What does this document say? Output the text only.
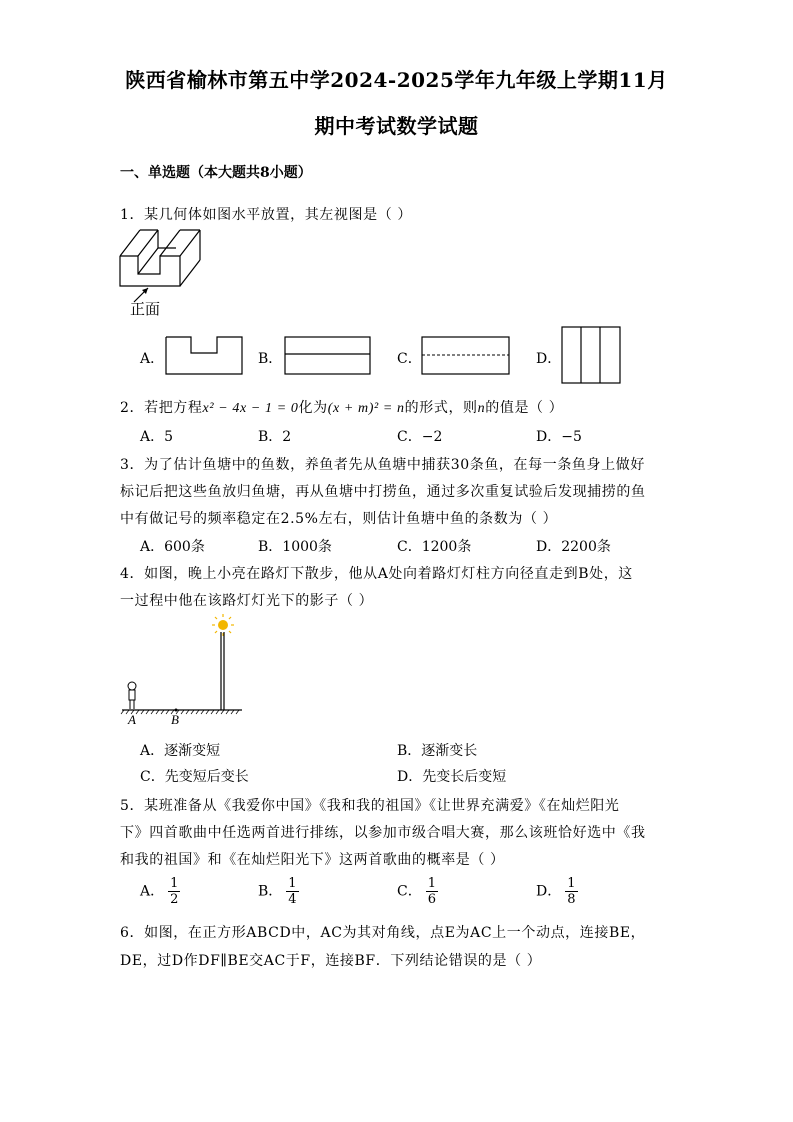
陕西省榆林市第五中学2024-2025学年九年级上学期11月
期中考试数学试题
一、单选题（本大题共8小题）
1．某几何体如图水平放置，其左视图是（ ）
正面
A．	B．	C．	D．
2．若把方程x² − 4x − 1 = 0化为(x + m)² = n的形式，则n的值是（ ）
A．5	B．2	C．−2	D．−5
3．为了估计鱼塘中的鱼数，养鱼者先从鱼塘中捕获30条鱼，在每一条鱼身上做好
标记后把这些鱼放归鱼塘，再从鱼塘中打捞鱼，通过多次重复试验后发现捕捞的鱼
中有做记号的频率稳定在2.5%左右，则估计鱼塘中鱼的条数为（ ）
A．600条	B．1000条	C．1200条	D．2200条
4．如图，晚上小亮在路灯下散步，他从A处向着路灯灯柱方向径直走到B处，这
一过程中他在该路灯灯光下的影子（ ）
A	B
A．逐渐变短	B．逐渐变长
C．先变短后变长	D．先变长后变短
5．某班准备从《我爱你中国》《我和我的祖国》《让世界充满爱》《在灿烂阳光
下》四首歌曲中任选两首进行排练，以参加市级合唱大赛，那么该班恰好选中《我
和我的祖国》和《在灿烂阳光下》这两首歌曲的概率是（ ）
A． $\frac{1}{2}$	B． $\frac{1}{4}$	C． $\frac{1}{6}$	D． $\frac{1}{8}$
6．如图，在正方形ABCD中，AC为其对角线，点E为AC上一个动点，连接BE，
DE，过D作DF∥BE交AC于F，连接BF．下列结论错误的是（ ）
